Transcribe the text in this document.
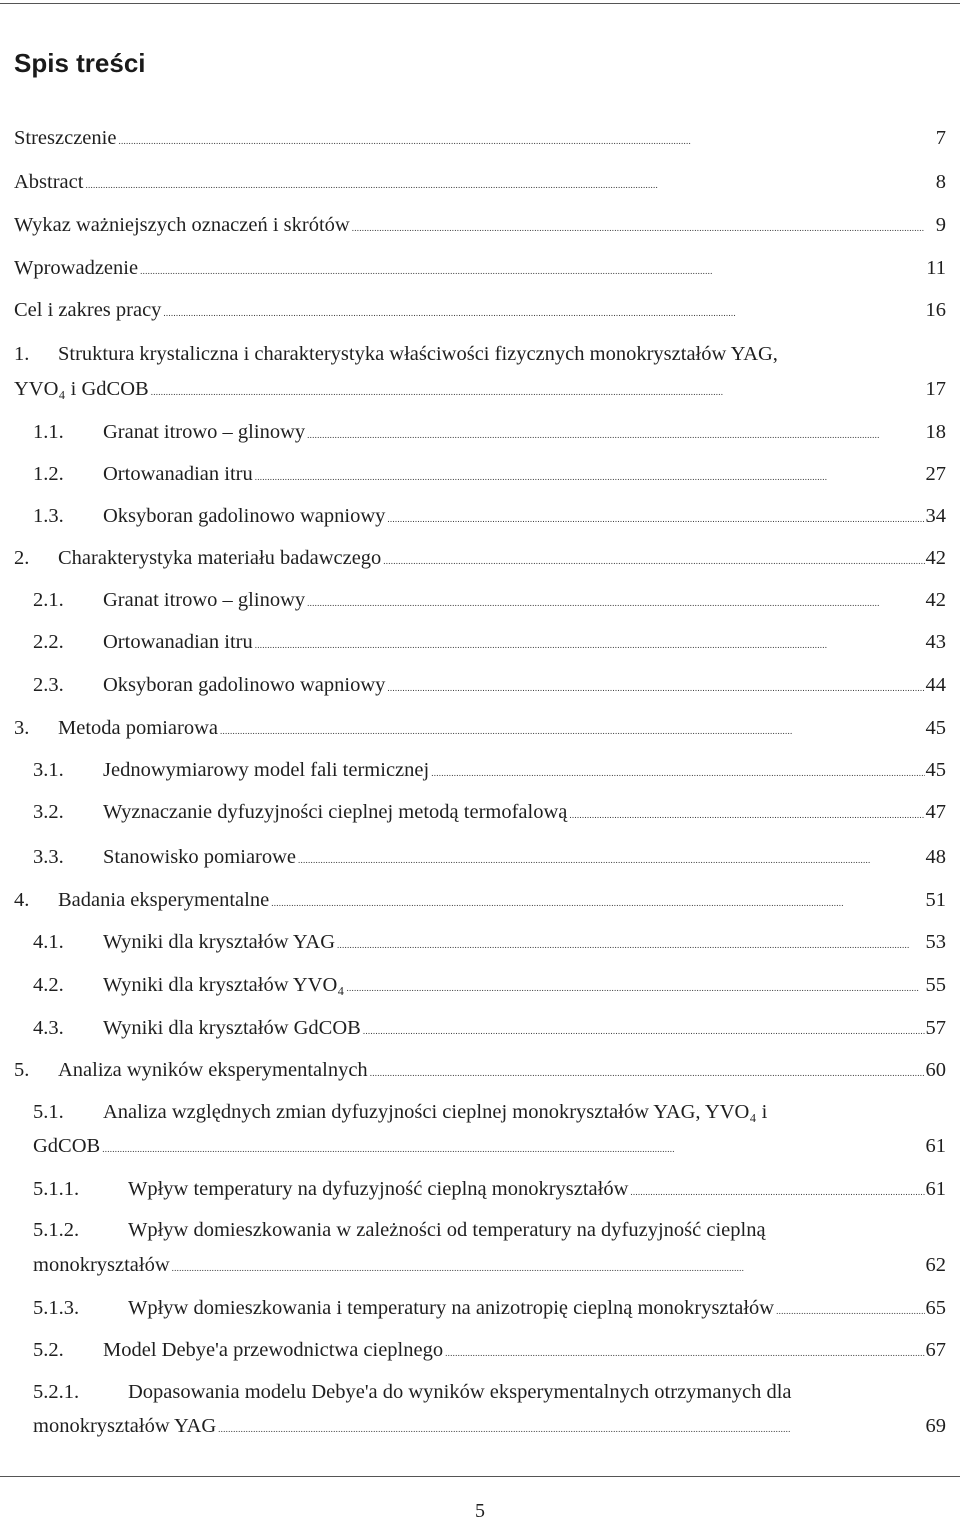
Spis treści
Streszczenie . . .	7
Abstract . . .	8
Wykaz ważniejszych oznaczeń i skrótów . . .	9
Wprowadzenie . . .	11
Cel i zakres pracy . . .	16
1.	Struktura krystaliczna i charakterystyka właściwości fizycznych monokryształów YAG,
YVO₄ i GdCOB . . .	17
1.1.	Granat itrowo – glinowy . . .	18
1.2.	Ortowanadian itru . . .	27
1.3.	Oksyboran gadolinowo wapniowy . . .	34
2.	Charakterystyka materiału badawczego . . .	42
2.1.	Granat itrowo – glinowy . . .	42
2.2.	Ortowanadian itru . . .	43
2.3.	Oksyboran gadolinowo wapniowy . . .	44
3.	Metoda pomiarowa . . .	45
3.1.	Jednowymiarowy model fali termicznej . . .	45
3.2.	Wyznaczanie dyfuzyjności cieplnej metodą termofalową . . .	47
3.3.	Stanowisko pomiarowe . . .	48
4.	Badania eksperymentalne . . .	51
4.1.	Wyniki dla kryształów YAG . . .	53
4.2.	Wyniki dla kryształów YVO₄ . . .	55
4.3.	Wyniki dla kryształów GdCOB . . .	57
5.	Analiza wyników eksperymentalnych . . .	60
5.1.	Analiza względnych zmian dyfuzyjności cieplnej monokryształów YAG, YVO₄ i
GdCOB . . .	61
5.1.1.	Wpływ temperatury na dyfuzyjność cieplną monokryształów . . .	61
5.1.2.	Wpływ domieszkowania w zależności od temperatury na dyfuzyjność cieplną
monokryształów . . .	62
5.1.3.	Wpływ domieszkowania i temperatury na anizotropię cieplną monokryształów . . .	65
5.2.	Model Debye'a przewodnictwa cieplnego . . .	67
5.2.1.	Dopasowania modelu Debye'a do wyników eksperymentalnych otrzymanych dla
monokryształów YAG . . .	69
5
